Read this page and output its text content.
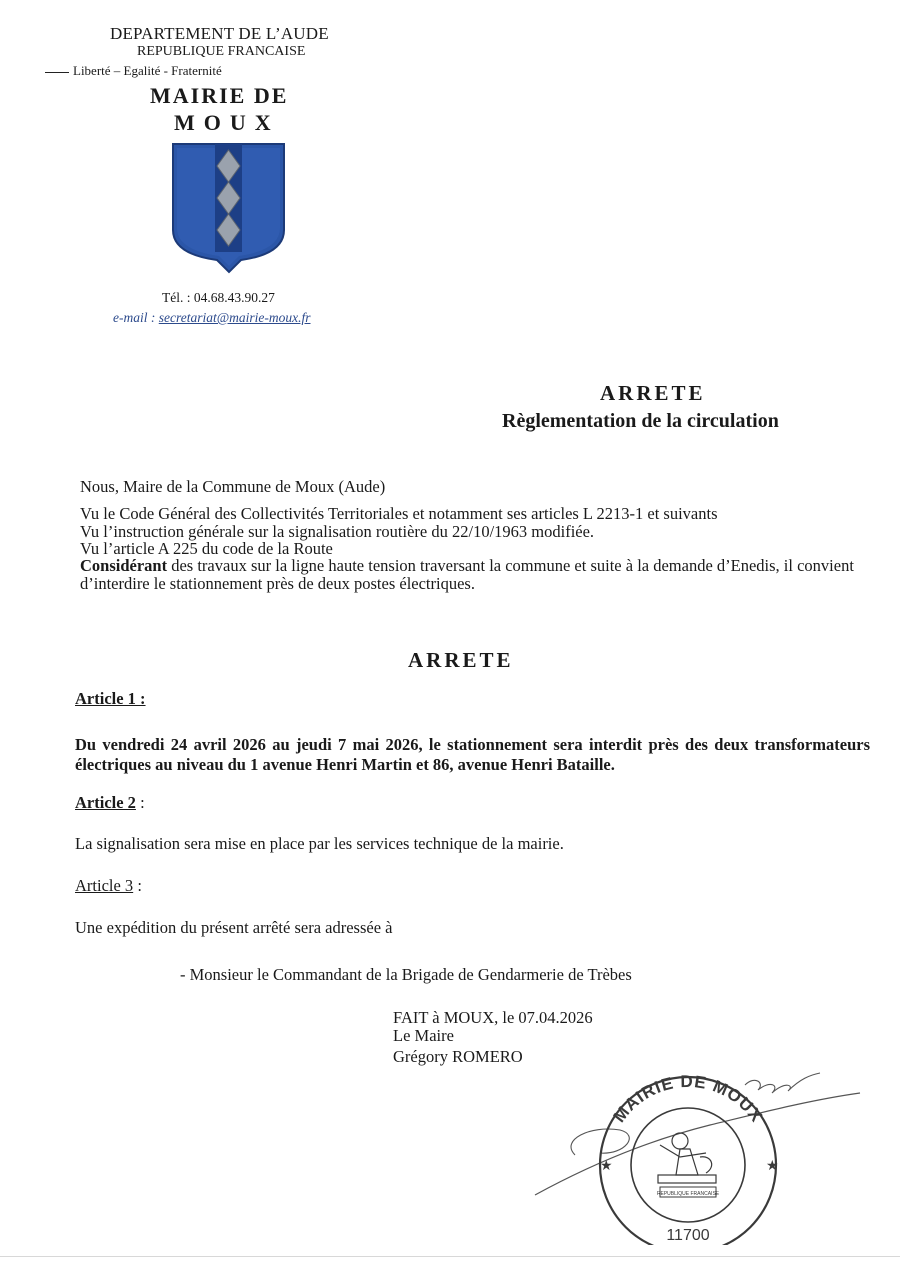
DEPARTEMENT DE L’AUDE
REPUBLIQUE FRANCAISE
Liberté – Egalité - Fraternité
MAIRIE DE
MOUX
Tél. : 04.68.43.90.27
e-mail : secretariat@mairie-moux.fr
ARRETE
Règlementation de la circulation
Nous, Maire de la Commune de Moux (Aude)
Vu le Code Général des Collectivités Territoriales et notamment ses articles L 2213-1 et suivants
Vu l’instruction générale sur la signalisation routière du 22/10/1963 modifiée.
Vu l’article A 225 du code de la Route
Considérant des travaux sur la ligne haute tension traversant la commune et suite à la demande d’Enedis, il convient d’interdire le stationnement près de deux postes électriques.
ARRETE
Article 1 :
Du vendredi 24 avril 2026 au jeudi 7 mai 2026, le stationnement sera interdit près des deux transformateurs électriques au niveau du 1 avenue Henri Martin et 86, avenue Henri Bataille.
Article 2 :
La signalisation sera mise en place par les services technique de la mairie.
Article 3 :
Une expédition du présent arrêté sera adressée à
- Monsieur le Commandant de la Brigade de Gendarmerie de Trèbes
FAIT à MOUX, le 07.04.2026
Le Maire
Grégory ROMERO
MAIRIE DE MOUX
11700
★	★
REPUBLIQUE FRANCAISE
